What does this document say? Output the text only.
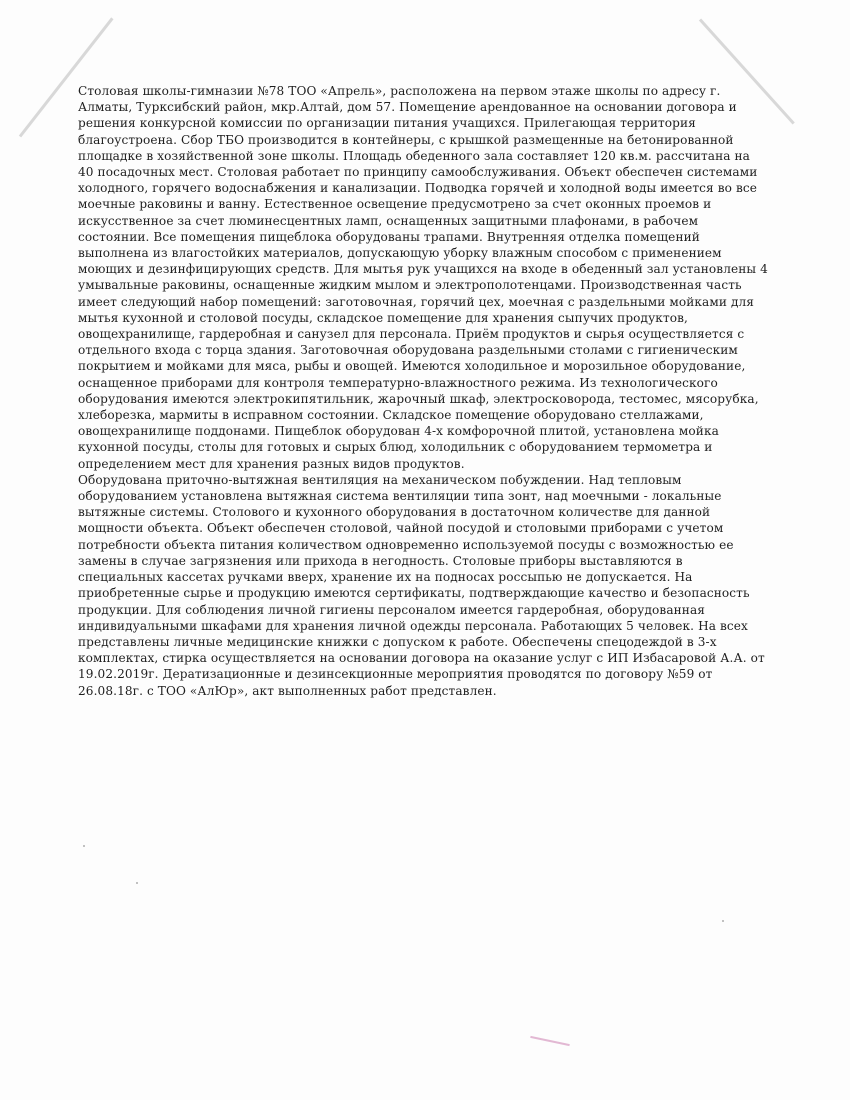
Столовая школы-гимназии №78 ТОО «Апрель», расположена на первом этаже школы по адресу г. Алматы, Турксибский район, мкр.Алтай, дом 57. Помещение арендованное на основании договора и решения конкурсной комиссии по организации питания учащихся. Прилегающая территория благоустроена. Сбор ТБО производится в контейнеры, с крышкой размещенные на бетонированной площадке в хозяйственной зоне школы. Площадь обеденного зала составляет 120 кв.м. рассчитана на 40 посадочных мест. Столовая работает по принципу самообслуживания. Объект обеспечен системами холодного, горячего водоснабжения и канализации. Подводка горячей и холодной воды имеется во все моечные раковины и ванну. Естественное освещение предусмотрено за счет оконных проемов и искусственное за счет люминесцентных ламп, оснащенных защитными плафонами, в рабочем состоянии. Все помещения пищеблока оборудованы трапами. Внутренняя отделка помещений выполнена из влагостойких материалов, допускающую уборку влажным способом с применением моющих и дезинфицирующих средств. Для мытья рук учащихся на входе в обеденный зал установлены 4 умывальные раковины, оснащенные жидким мылом и электрополотенцами. Производственная часть имеет следующий набор помещений: заготовочная, горячий цех, моечная с раздельными мойками для мытья кухонной и столовой посуды, складское помещение для хранения сыпучих продуктов, овощехранилище, гардеробная и санузел для персонала. Приём продуктов и сырья осуществляется с отдельного входа с торца здания. Заготовочная оборудована раздельными столами с гигиеническим покрытием и мойками для мяса, рыбы и овощей. Имеются холодильное и морозильное оборудование, оснащенное приборами для контроля температурно-влажностного режима. Из технологического оборудования имеются электрокипятильник, жарочный шкаф, электросковорода, тестомес, мясорубка, хлеборезка, мармиты в исправном состоянии. Складское помещение оборудовано стеллажами, овощехранилище поддонами. Пищеблок оборудован 4-х комфорочной плитой, установлена мойка кухонной посуды, столы для готовых и сырых блюд, холодильник с оборудованием термометра и определением мест для хранения разных видов продуктов.

Оборудована приточно-вытяжная вентиляция на механическом побуждении. Над тепловым оборудованием установлена вытяжная система вентиляции типа зонт, над моечными - локальные вытяжные системы. Столового и кухонного оборудования в достаточном количестве для данной мощности объекта. Объект обеспечен столовой, чайной посудой и столовыми приборами с учетом потребности объекта питания количеством одновременно используемой посуды с возможностью ее замены в случае загрязнения или прихода в негодность. Столовые приборы выставляются в специальных кассетах ручками вверх, хранение их на подносах россыпью не допускается. На приобретенные сырье и продукцию имеются сертификаты, подтверждающие качество и безопасность продукции. Для соблюдения личной гигиены персоналом имеется гардеробная, оборудованная индивидуальными шкафами для хранения личной одежды персонала. Работающих 5 человек. На всех представлены личные медицинские книжки с допуском к работе. Обеспечены спецодеждой в 3-х комплектах, стирка осуществляется на основании договора на оказание услуг с ИП Избасаровой А.А. от 19.02.2019г. Дератизационные и дезинсекционные мероприятия проводятся по договору №59 от 26.08.18г. с ТОО «АлЮр», акт выполненных работ представлен.
